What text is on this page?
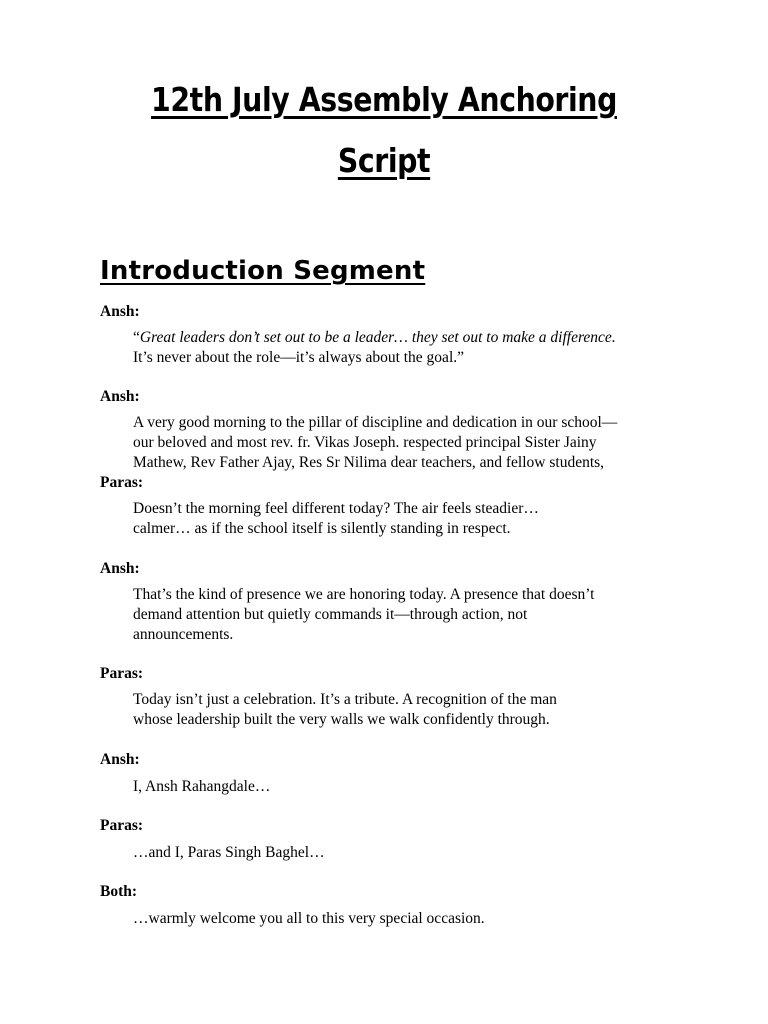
12th July Assembly Anchoring
Script
Introduction Segment

Ansh:

“Great leaders don’t set out to be a leader… they set out to make a difference.

It’s never about the role—it’s always about the goal.”

Ansh:

A very good morning to the pillar of discipline and dedication in our school—

our beloved and most rev. fr. Vikas Joseph. respected principal Sister Jainy

Mathew, Rev Father Ajay, Res Sr Nilima dear teachers, and fellow students,

Paras:

Doesn’t the morning feel different today? The air feels steadier…

calmer… as if the school itself is silently standing in respect.

Ansh:

That’s the kind of presence we are honoring today. A presence that doesn’t

demand attention but quietly commands it—through action, not

announcements.

Paras:

Today isn’t just a celebration. It’s a tribute. A recognition of the man

whose leadership built the very walls we walk confidently through.

Ansh:

I, Ansh Rahangdale…

Paras:

…and I, Paras Singh Baghel…

Both:

…warmly welcome you all to this very special occasion.
